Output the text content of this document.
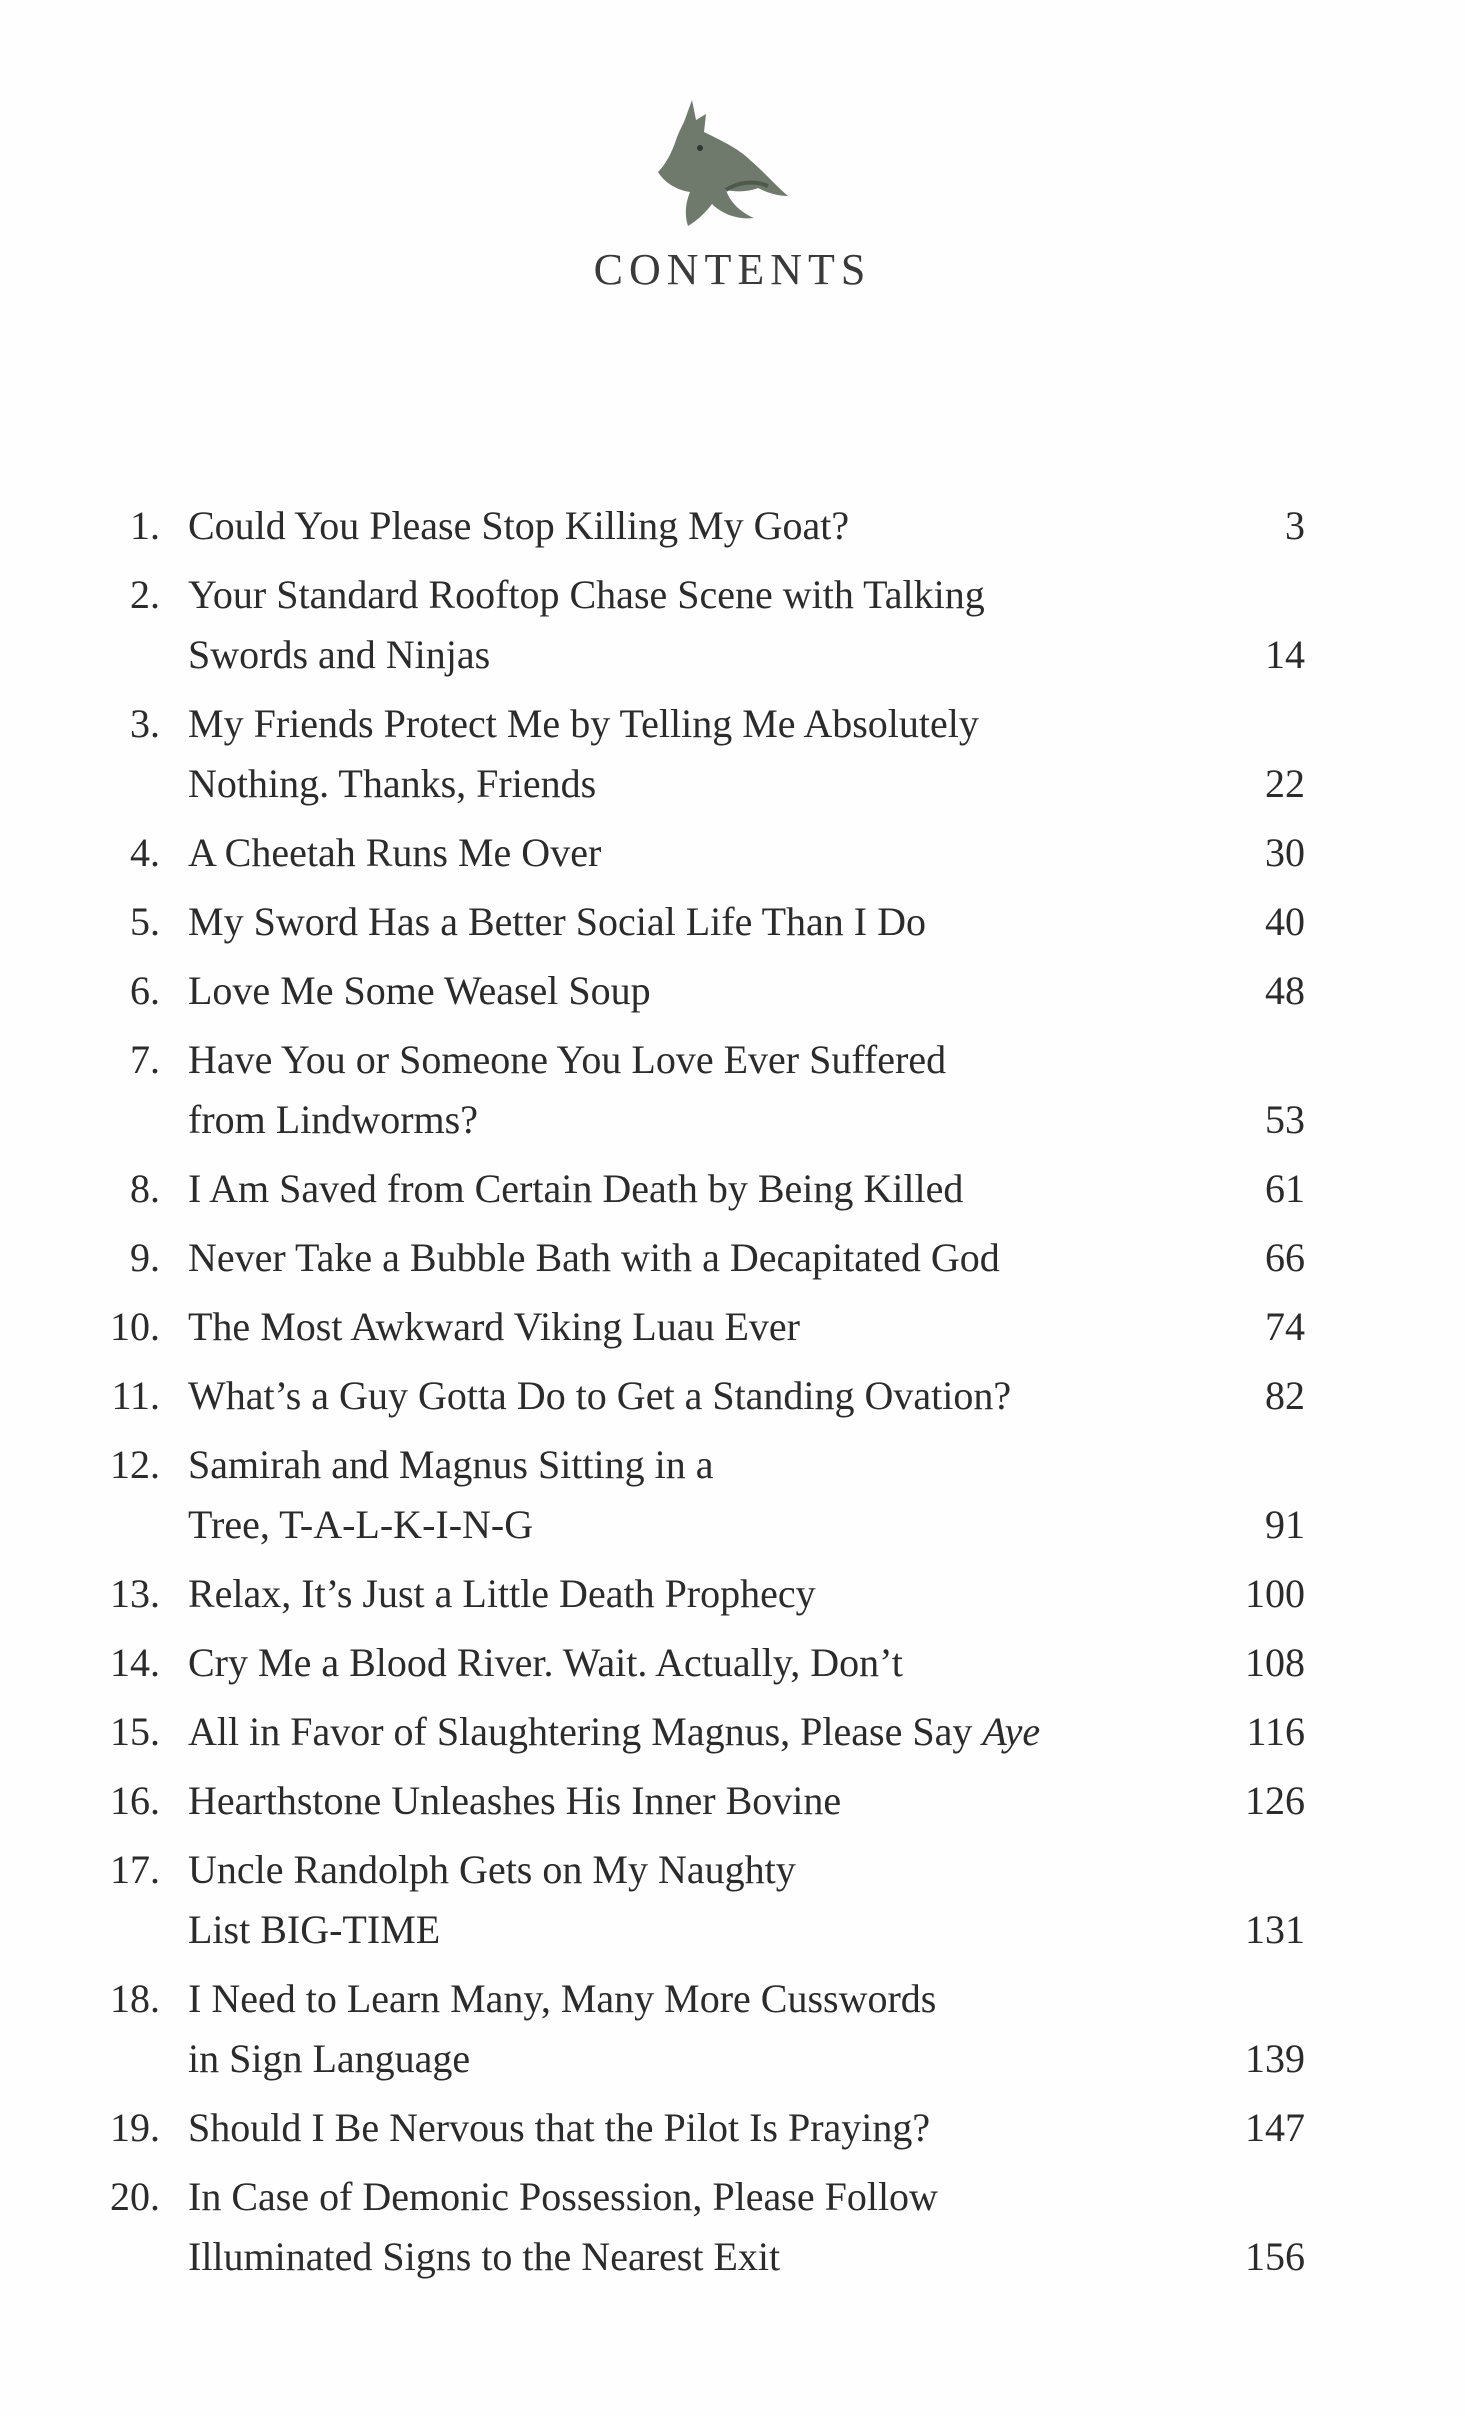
CONTENTS
1. Could You Please Stop Killing My Goat?	3
2. Your Standard Rooftop Chase Scene with Talking
Swords and Ninjas	14
3. My Friends Protect Me by Telling Me Absolutely
Nothing. Thanks, Friends	22
4. A Cheetah Runs Me Over	30
5. My Sword Has a Better Social Life Than I Do	40
6. Love Me Some Weasel Soup	48
7. Have You or Someone You Love Ever Suffered
from Lindworms?	53
8. I Am Saved from Certain Death by Being Killed	61
9. Never Take a Bubble Bath with a Decapitated God	66
10. The Most Awkward Viking Luau Ever	74
11. What’s a Guy Gotta Do to Get a Standing Ovation?	82
12. Samirah and Magnus Sitting in a
Tree, T-A-L-K-I-N-G	91
13. Relax, It’s Just a Little Death Prophecy	100
14. Cry Me a Blood River. Wait. Actually, Don’t	108
15. All in Favor of Slaughtering Magnus, Please Say Aye	116
16. Hearthstone Unleashes His Inner Bovine	126
17. Uncle Randolph Gets on My Naughty
List BIG-TIME	131
18. I Need to Learn Many, Many More Cusswords
in Sign Language	139
19. Should I Be Nervous that the Pilot Is Praying?	147
20. In Case of Demonic Possession, Please Follow
Illuminated Signs to the Nearest Exit	156
